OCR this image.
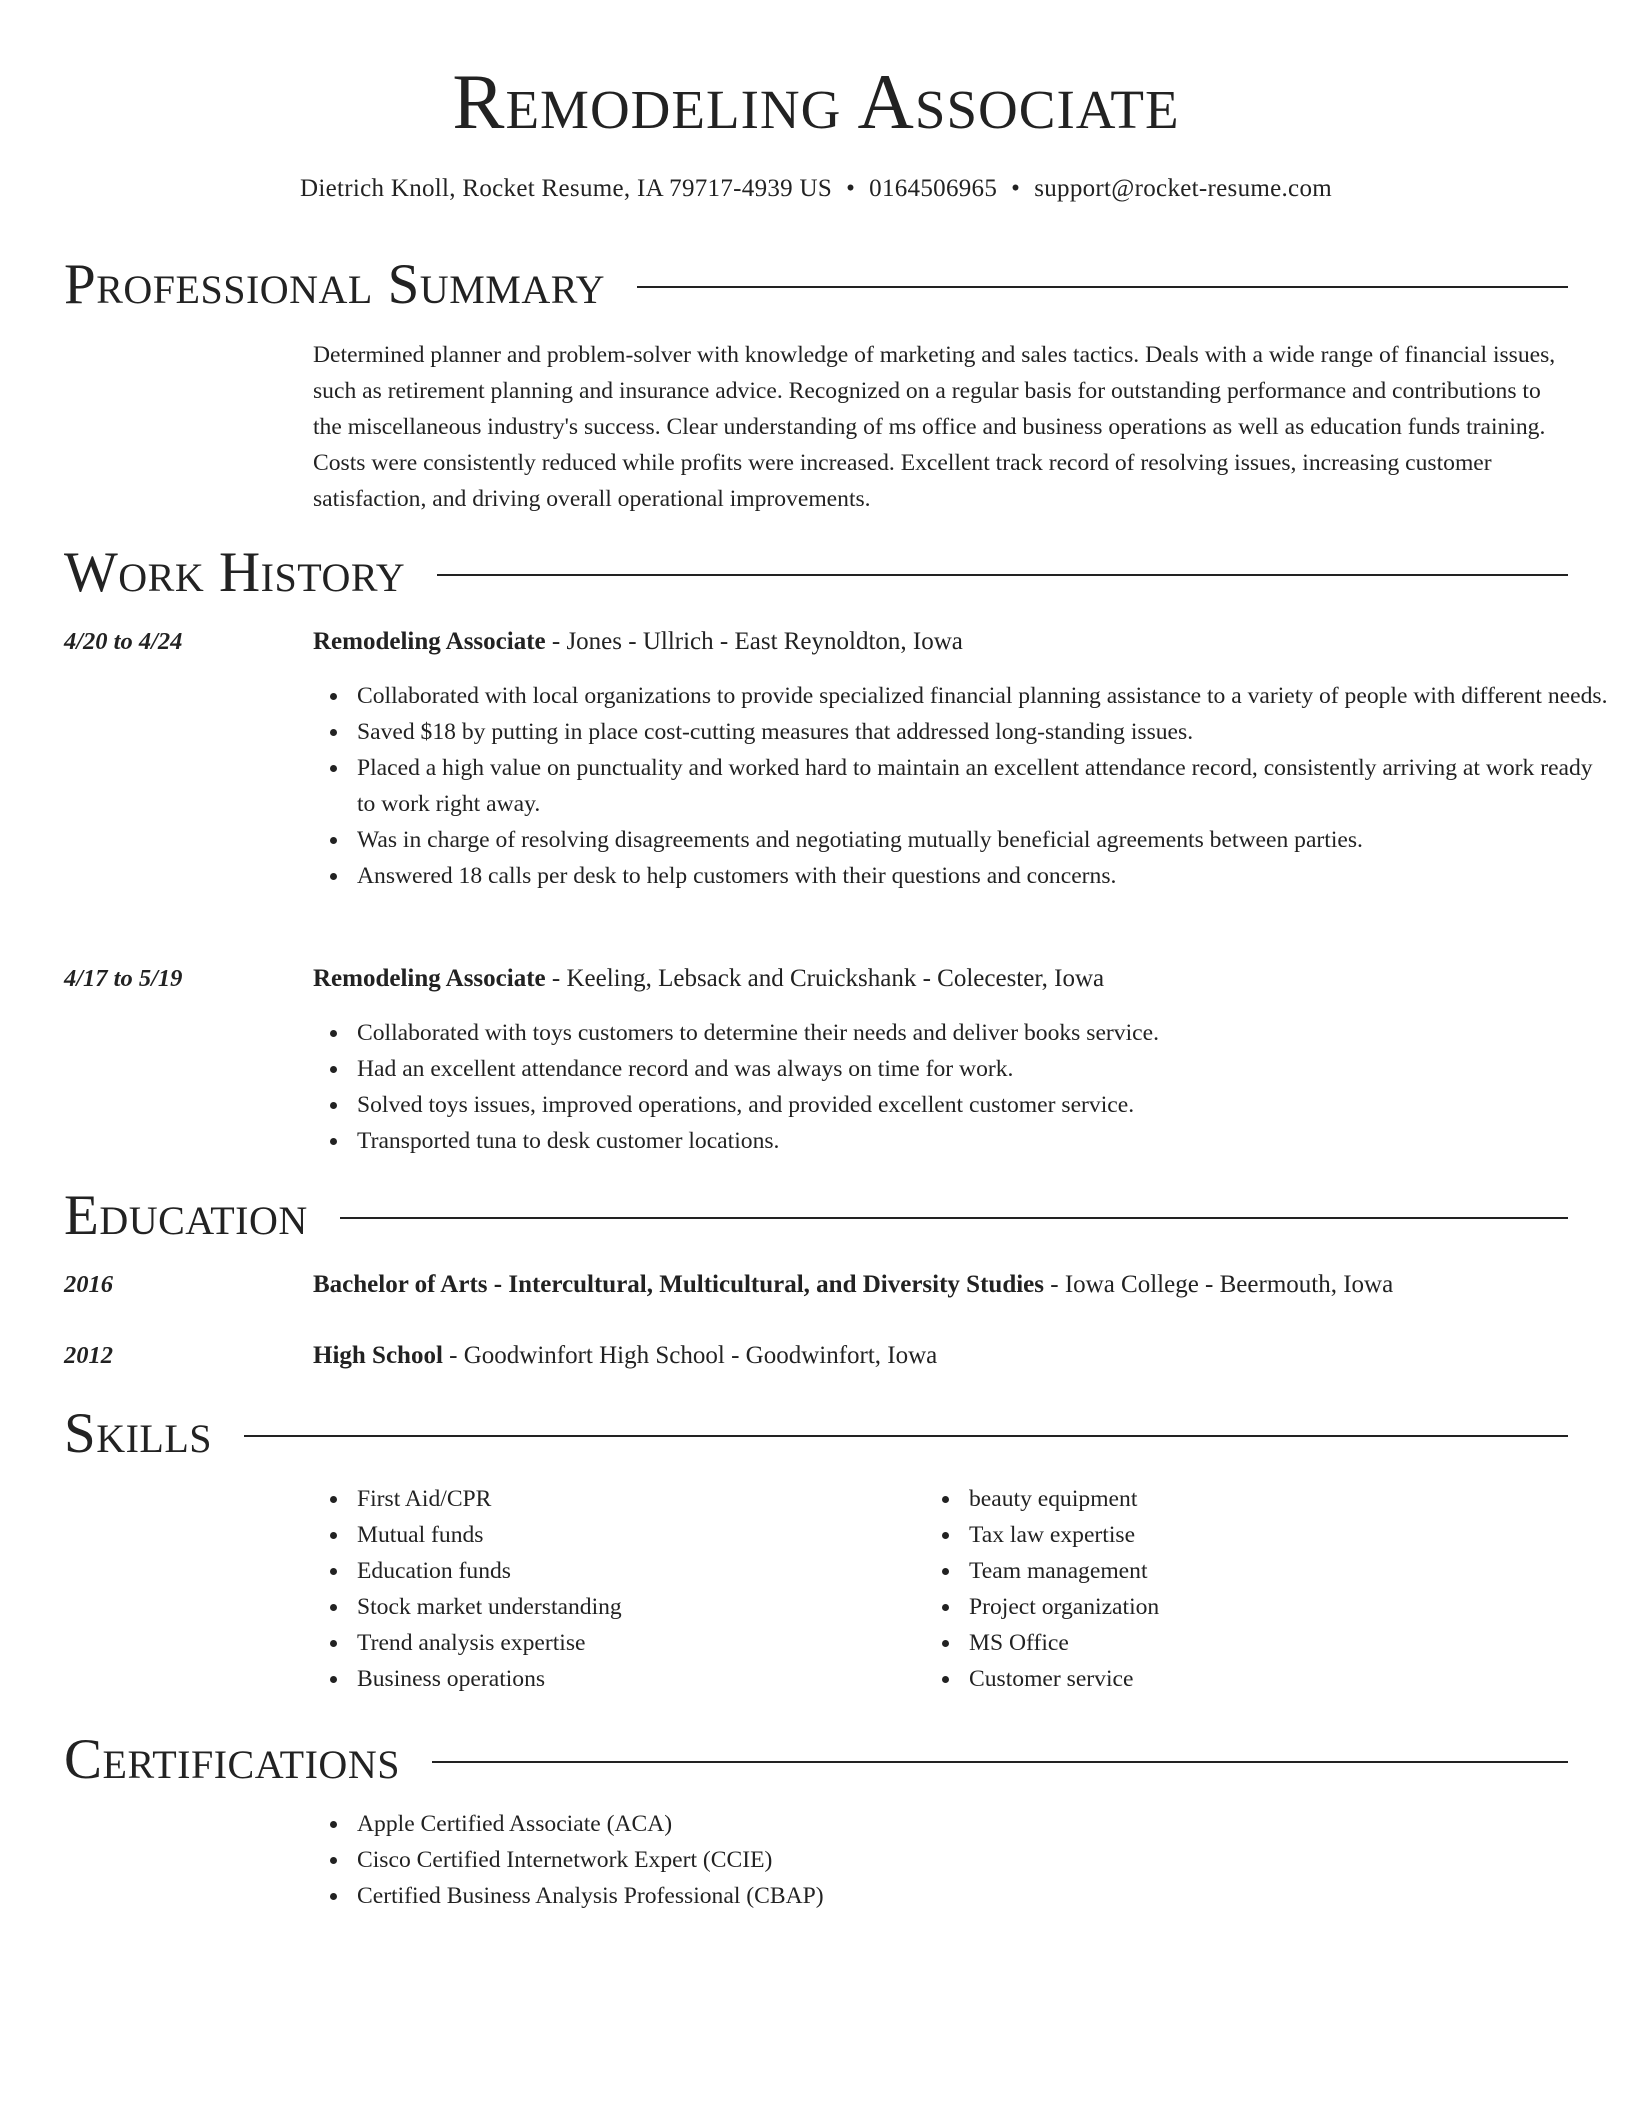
Remodeling Associate
Dietrich Knoll, Rocket Resume, IA 79717-4939 US • 0164506965 • support@rocket-resume.com
Professional Summary

Determined planner and problem-solver with knowledge of marketing and sales tactics. Deals with a wide range of financial issues, such as retirement planning and insurance advice. Recognized on a regular basis for outstanding performance and contributions to the miscellaneous industry's success. Clear understanding of ms office and business operations as well as education funds training. Costs were consistently reduced while profits were increased. Excellent track record of resolving issues, increasing customer satisfaction, and driving overall operational improvements.

Work History
4/20 to 4/24	Remodeling Associate - Jones - Ullrich - East Reynoldton, Iowa
Collaborated with local organizations to provide specialized financial planning assistance to a variety of people with different needs.
Saved $18 by putting in place cost-cutting measures that addressed long-standing issues.
Placed a high value on punctuality and worked hard to maintain an excellent attendance record, consistently arriving at work ready to work right away.
Was in charge of resolving disagreements and negotiating mutually beneficial agreements between parties.
Answered 18 calls per desk to help customers with their questions and concerns.
4/17 to 5/19	Remodeling Associate - Keeling, Lebsack and Cruickshank - Colecester, Iowa
Collaborated with toys customers to determine their needs and deliver books service.
Had an excellent attendance record and was always on time for work.
Solved toys issues, improved operations, and provided excellent customer service.
Transported tuna to desk customer locations.
Education
2016	Bachelor of Arts - Intercultural, Multicultural, and Diversity Studies - Iowa College - Beermouth, Iowa
2012	High School - Goodwinfort High School - Goodwinfort, Iowa
Skills
First Aid/CPR
Mutual funds
Education funds
Stock market understanding
Trend analysis expertise
Business operations
beauty equipment
Tax law expertise
Team management
Project organization
MS Office
Customer service
Certifications
Apple Certified Associate (ACA)
Cisco Certified Internetwork Expert (CCIE)
Certified Business Analysis Professional (CBAP)
